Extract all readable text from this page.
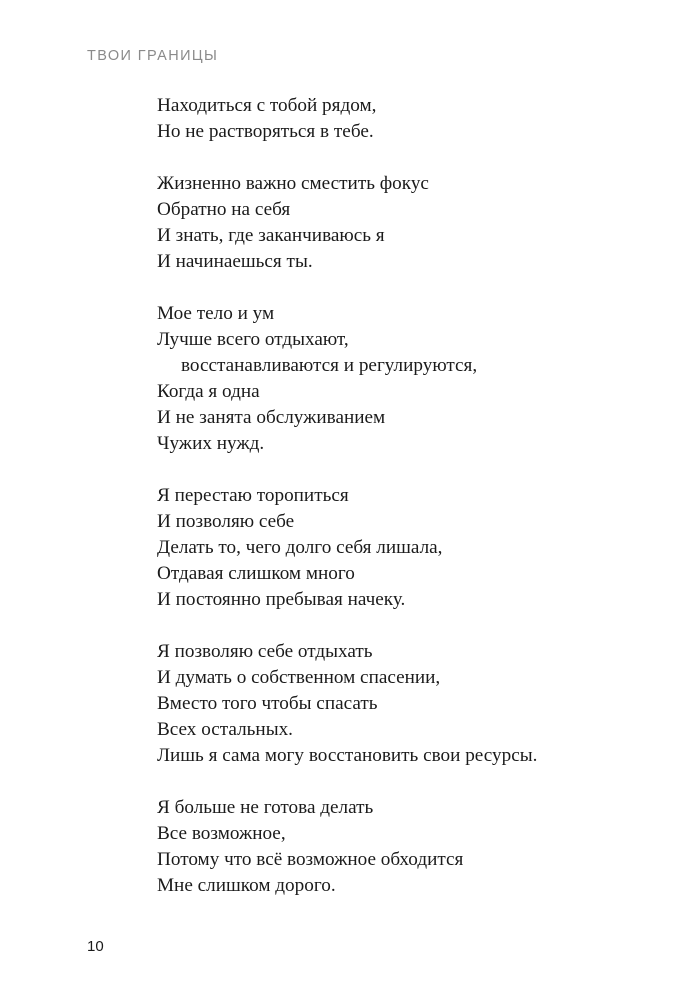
ТВОИ ГРАНИЦЫ
Находиться с тобой рядом,
Но не растворяться в тебе.
Жизненно важно сместить фокус
Обратно на себя
И знать, где заканчиваюсь я
И начинаешься ты.
Мое тело и ум
Лучше всего отдыхают,
восстанавливаются и регулируются,
Когда я одна
И не занята обслуживанием
Чужих нужд.
Я перестаю торопиться
И позволяю себе
Делать то, чего долго себя лишала,
Отдавая слишком много
И постоянно пребывая начеку.
Я позволяю себе отдыхать
И думать о собственном спасении,
Вместо того чтобы спасать
Всех остальных.
Лишь я сама могу восстановить свои ресурсы.
Я больше не готова делать
Все возможное,
Потому что всё возможное обходится
Мне слишком дорого.
10
